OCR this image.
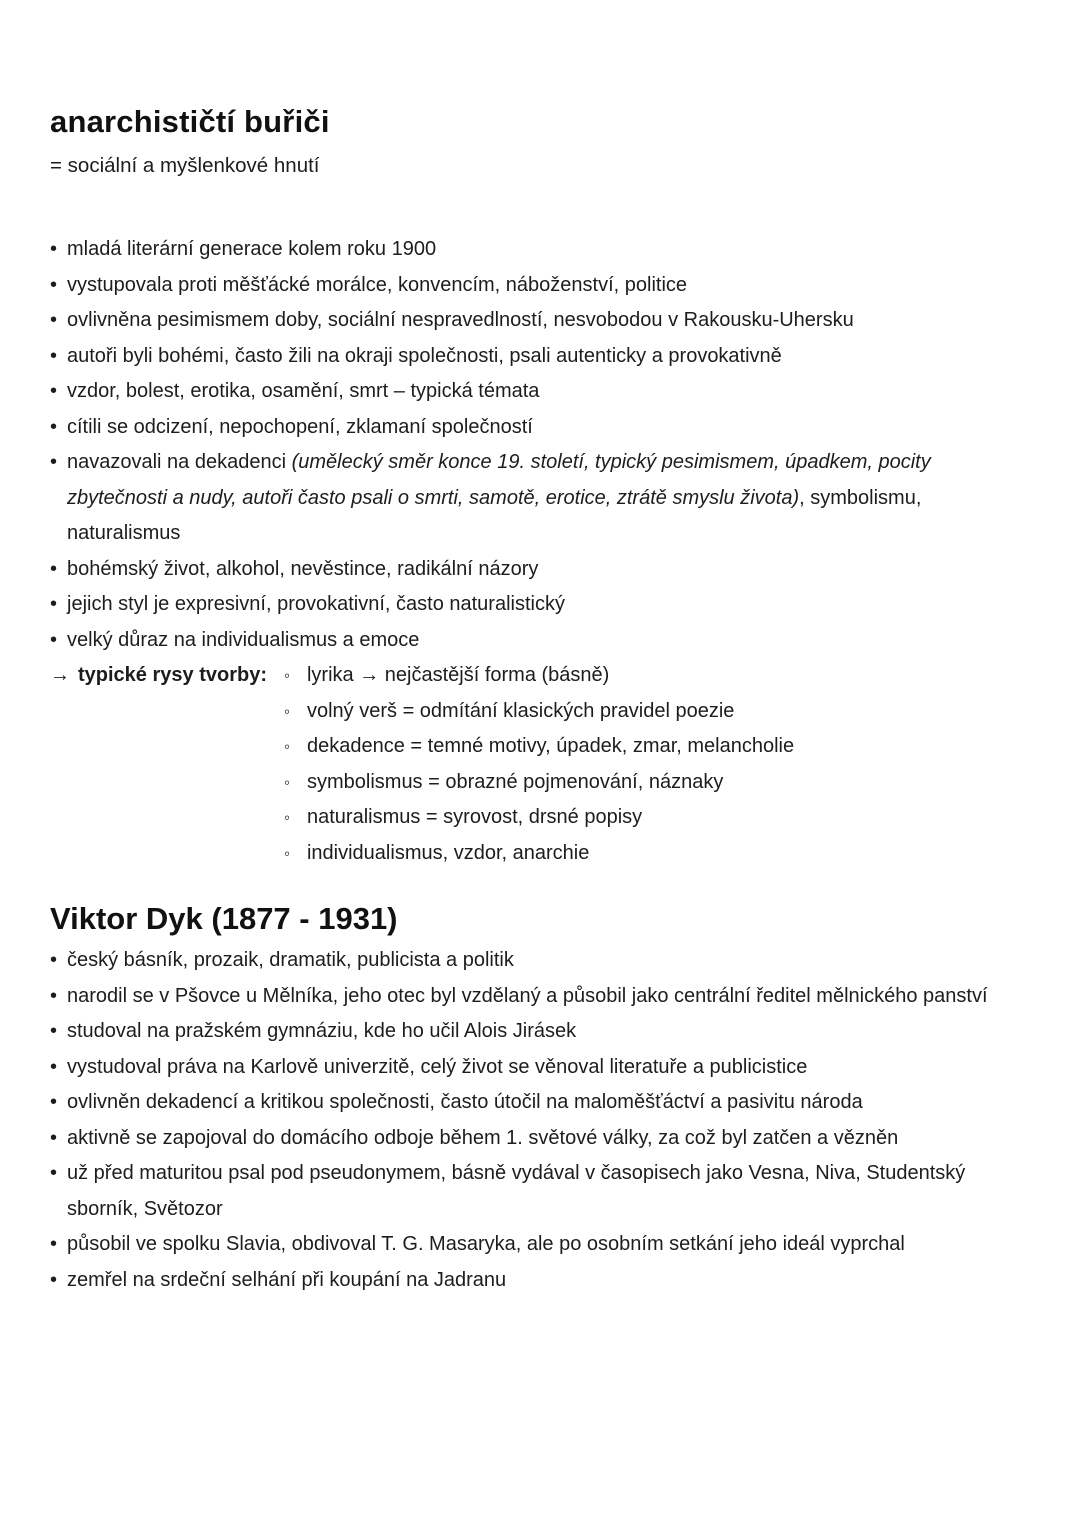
anarchističtí buřiči

= sociální a myšlenkové hnutí

• mladá literární generace kolem roku 1900
• vystupovala proti měšťácké morálce, konvencím, náboženství, politice
• ovlivněna pesimismem doby, sociální nespravedlností, nesvobodou v Rakousku-Uhersku
• autoři byli bohémi, často žili na okraji společnosti, psali autenticky a provokativně
• vzdor, bolest, erotika, osamění, smrt – typická témata
• cítili se odcizení, nepochopení, zklamaní společností
• navazovali na dekadenci (umělecký směr konce 19. století, typický pesimismem, úpadkem, pocity zbytečnosti a nudy, autoři často psali o smrti, samotě, erotice, ztrátě smyslu života), symbolismu, naturalismus
• bohémský život, alkohol, nevěstince, radikální názory
• jejich styl je expresivní, provokativní, často naturalistický
• velký důraz na individualismus a emoce
→ typické rysy tvorby: ◦ lyrika → nejčastější forma (básně)
◦ volný verš = odmítání klasických pravidel poezie
◦ dekadence = temné motivy, úpadek, zmar, melancholie
◦ symbolismus = obrazné pojmenování, náznaky
◦ naturalismus = syrovost, drsné popisy
◦ individualismus, vzdor, anarchie
Viktor Dyk (1877 - 1931)
• český básník, prozaik, dramatik, publicista a politik
• narodil se v Pšovce u Mělníka, jeho otec byl vzdělaný a působil jako centrální ředitel mělnického panství
• studoval na pražském gymnáziu, kde ho učil Alois Jirásek
• vystudoval práva na Karlově univerzitě, celý život se věnoval literatuře a publicistice
• ovlivněn dekadencí a kritikou společnosti, často útočil na maloměšťáctví a pasivitu národa
• aktivně se zapojoval do domácího odboje během 1. světové války, za což byl zatčen a vězněn
• už před maturitou psal pod pseudonymem, básně vydával v časopisech jako Vesna, Niva, Studentský sborník, Světozor
• působil ve spolku Slavia, obdivoval T. G. Masaryka, ale po osobním setkání jeho ideál vyprchal
• zemřel na srdeční selhání při koupání na Jadranu
